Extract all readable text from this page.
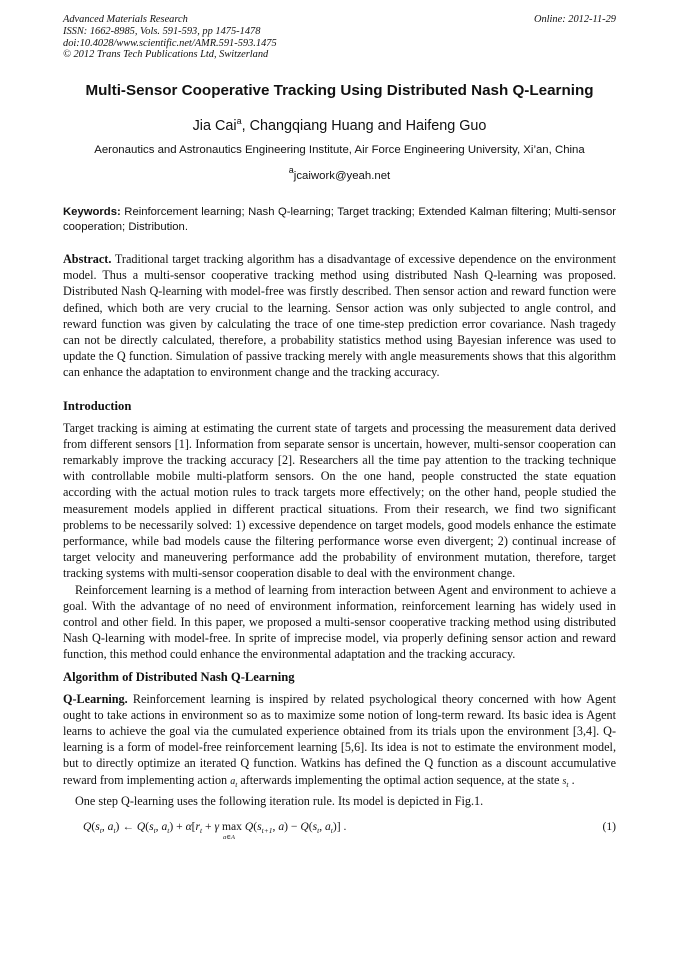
Advanced Materials Research
ISSN: 1662-8985, Vols. 591-593, pp 1475-1478
doi:10.4028/www.scientific.net/AMR.591-593.1475
© 2012 Trans Tech Publications Ltd, Switzerland
Online: 2012-11-29
Multi-Sensor Cooperative Tracking Using Distributed Nash Q-Learning
Jia Cai$^a$, Changqiang Huang and Haifeng Guo
Aeronautics and Astronautics Engineering Institute, Air Force Engineering University, Xi’an, China
$^a$jcaiwork@yeah.net
Keywords: Reinforcement learning; Nash Q-learning; Target tracking; Extended Kalman filtering; Multi-sensor cooperation; Distribution.

Abstract. Traditional target tracking algorithm has a disadvantage of excessive dependence on the environment model. Thus a multi-sensor cooperative tracking method using distributed Nash Q-learning was proposed. Distributed Nash Q-learning with model-free was firstly described. Then sensor action and reward function were defined, which both are very crucial to the learning. Sensor action was only subjected to angle control, and reward function was given by calculating the trace of one time-step prediction error covariance. Nash tragedy can not be directly calculated, therefore, a probability statistics method using Bayesian inference was used to update the Q function. Simulation of passive tracking merely with angle measurements shows that this algorithm can enhance the adaptation to environment change and the tracking accuracy.

Introduction

Target tracking is aiming at estimating the current state of targets and processing the measurement data derived from different sensors [1]. Information from separate sensor is uncertain, however, multi-sensor cooperation can remarkably improve the tracking accuracy [2]. Researchers all the time pay attention to the tracking technique with controllable mobile multi-platform sensors. On the one hand, people constructed the state equation according with the actual motion rules to track targets more effectively; on the other hand, people studied the measurement models applied in different practical situations. From their research, we find two significant problems to be necessarily solved: 1) excessive dependence on target models, good models enhance the estimate performance, while bad models cause the filtering performance worse even divergent; 2) continual increase of target velocity and maneuvering performance add the probability of environment mutation, therefore, target tracking systems with multi-sensor cooperation disable to deal with the environment change.

Reinforcement learning is a method of learning from interaction between Agent and environment to achieve a goal. With the advantage of no need of environment information, reinforcement learning has widely used in control and other field. In this paper, we proposed a multi-sensor cooperative tracking method using distributed Nash Q-learning with model-free. In sprite of imprecise model, via properly defining sensor action and reward function, this method could enhance the environmental adaptation and the tracking accuracy.

Algorithm of Distributed Nash Q-Learning

Q-Learning. Reinforcement learning is inspired by related psychological theory concerned with how Agent ought to take actions in environment so as to maximize some notion of long-term reward. Its basic idea is Agent learns to achieve the goal via the cumulated experience obtained from its trials upon the environment [3,4]. Q-learning is a form of model-free reinforcement learning [5,6]. Its idea is not to estimate the environment model, but to directly optimize an iterated Q function. Watkins has defined the Q function as a discount accumulative reward from implementing action $a_t$ afterwards implementing the optimal action sequence, at the state $s_t$ .

One step Q-learning uses the following iteration rule. Its model is depicted in Fig.1.

$Q(s_t$, $a_t$) ← $Q(s_t$, $a_t) + \alpha[r_t + \gamma$ max
a∈A
$Q(s_{t+1}$, $a) - Q(s_t$, $a_t$)] .	(1)
